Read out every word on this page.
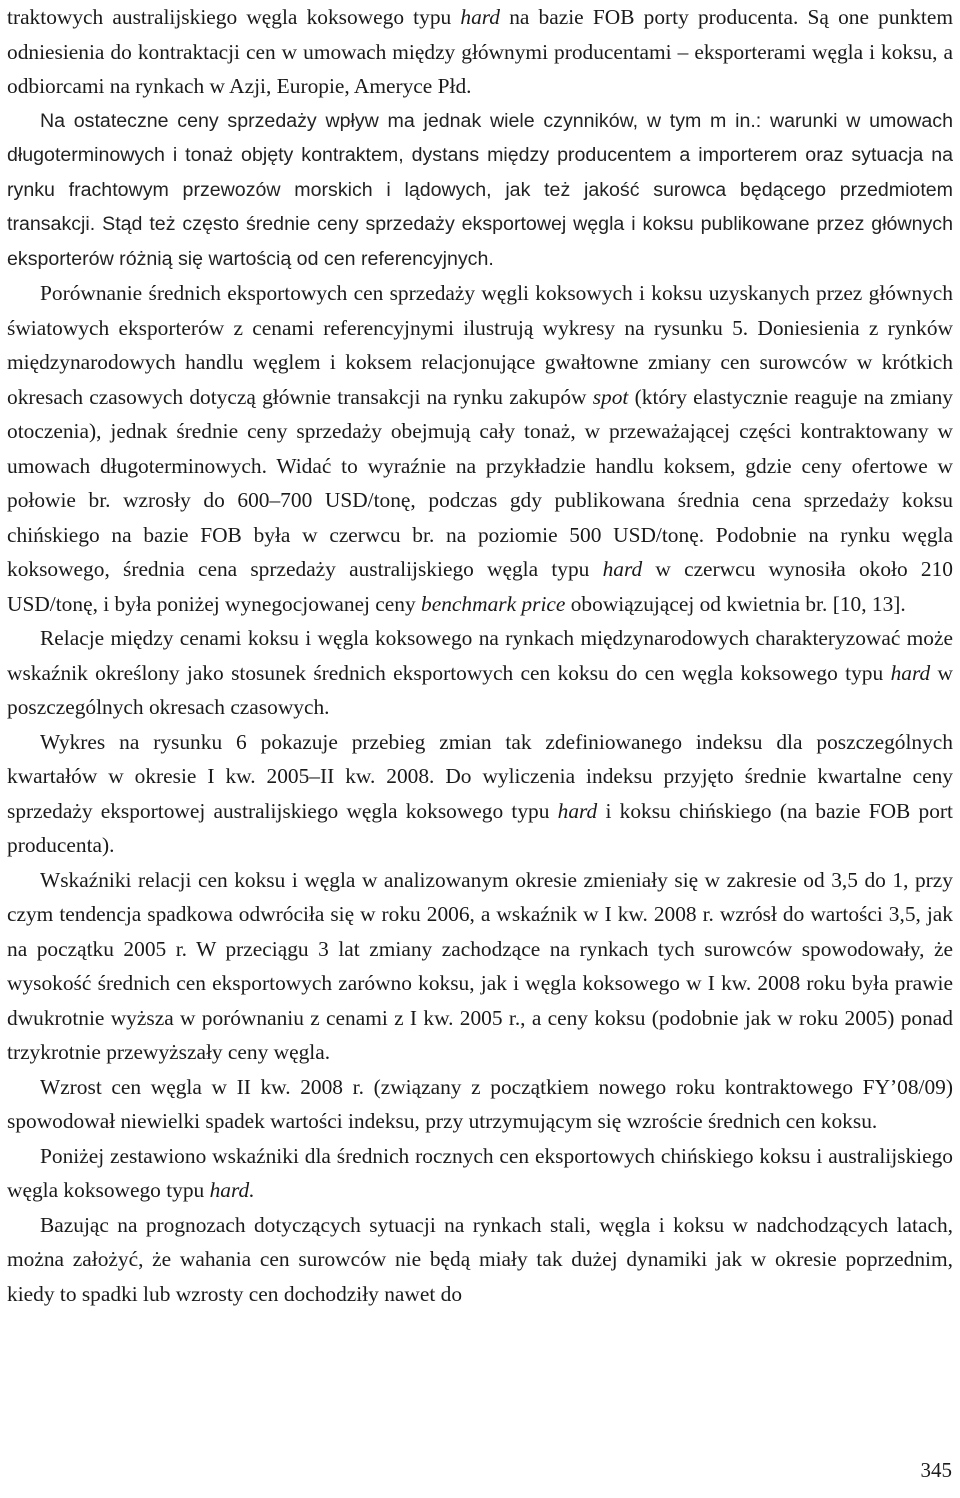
traktowych australijskiego węgla koksowego typu hard na bazie FOB porty producenta. Są one punktem odniesienia do kontraktacji cen w umowach między głównymi producentami – eksporterami węgla i koksu, a odbiorcami na rynkach w Azji, Europie, Ameryce Płd.

Na ostateczne ceny sprzedaży wpływ ma jednak wiele czynników, w tym m in.: warunki w umowach długoterminowych i tonaż objęty kontraktem, dystans między producentem a importerem oraz sytuacja na rynku frachtowym przewozów morskich i lądowych, jak też jakość surowca będącego przedmiotem transakcji. Stąd też często średnie ceny sprzedaży eksportowej węgla i koksu publikowane przez głównych eksporterów różnią się wartością od cen referencyjnych.

Porównanie średnich eksportowych cen sprzedaży węgli koksowych i koksu uzyskanych przez głównych światowych eksporterów z cenami referencyjnymi ilustrują wykresy na rysunku 5. Doniesienia z rynków międzynarodowych handlu węglem i koksem relacjonujące gwałtowne zmiany cen surowców w krótkich okresach czasowych dotyczą głównie transakcji na rynku zakupów spot (który elastycznie reaguje na zmiany otoczenia), jednak średnie ceny sprzedaży obejmują cały tonaż, w przeważającej części kontraktowany w umowach długoterminowych. Widać to wyraźnie na przykładzie handlu koksem, gdzie ceny ofertowe w połowie br. wzrosły do 600–700 USD/tonę, podczas gdy publikowana średnia cena sprzedaży koksu chińskiego na bazie FOB była w czerwcu br. na poziomie 500 USD/tonę. Podobnie na rynku węgla koksowego, średnia cena sprzedaży australijskiego węgla typu hard w czerwcu wynosiła około 210 USD/tonę, i była poniżej wynegocjowanej ceny benchmark price obowiązującej od kwietnia br. [10, 13].

Relacje między cenami koksu i węgla koksowego na rynkach międzynarodowych charakteryzować może wskaźnik określony jako stosunek średnich eksportowych cen koksu do cen węgla koksowego typu hard w poszczególnych okresach czasowych.

Wykres na rysunku 6 pokazuje przebieg zmian tak zdefiniowanego indeksu dla poszczególnych kwartałów w okresie I kw. 2005–II kw. 2008. Do wyliczenia indeksu przyjęto średnie kwartalne ceny sprzedaży eksportowej australijskiego węgla koksowego typu hard i koksu chińskiego (na bazie FOB port producenta).

Wskaźniki relacji cen koksu i węgla w analizowanym okresie zmieniały się w zakresie od 3,5 do 1, przy czym tendencja spadkowa odwróciła się w roku 2006, a wskaźnik w I kw. 2008 r. wzrósł do wartości 3,5, jak na początku 2005 r. W przeciągu 3 lat zmiany zachodzące na rynkach tych surowców spowodowały, że wysokość średnich cen eksportowych zarówno koksu, jak i węgla koksowego w I kw. 2008 roku była prawie dwukrotnie wyższa w porównaniu z cenami z I kw. 2005 r., a ceny koksu (podobnie jak w roku 2005) ponad trzykrotnie przewyższały ceny węgla.

Wzrost cen węgla w II kw. 2008 r. (związany z początkiem nowego roku kontraktowego FY’08/09) spowodował niewielki spadek wartości indeksu, przy utrzymującym się wzroście średnich cen koksu.

Poniżej zestawiono wskaźniki dla średnich rocznych cen eksportowych chińskiego koksu i australijskiego węgla koksowego typu hard.

Bazując na prognozach dotyczących sytuacji na rynkach stali, węgla i koksu w nadchodzących latach, można założyć, że wahania cen surowców nie będą miały tak dużej dynamiki jak w okresie poprzednim, kiedy to spadki lub wzrosty cen dochodziły nawet do

345
